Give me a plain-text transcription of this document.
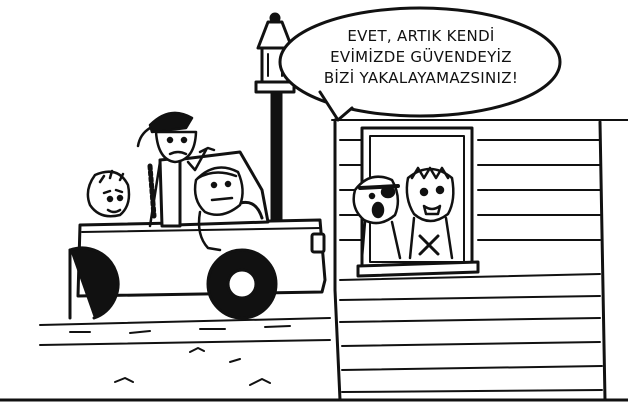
EVET, ARTIK KENDİ
EVİMİZDE GÜVENDEYİZ
BİZİ YAKALAYAMAZSINIZ!
